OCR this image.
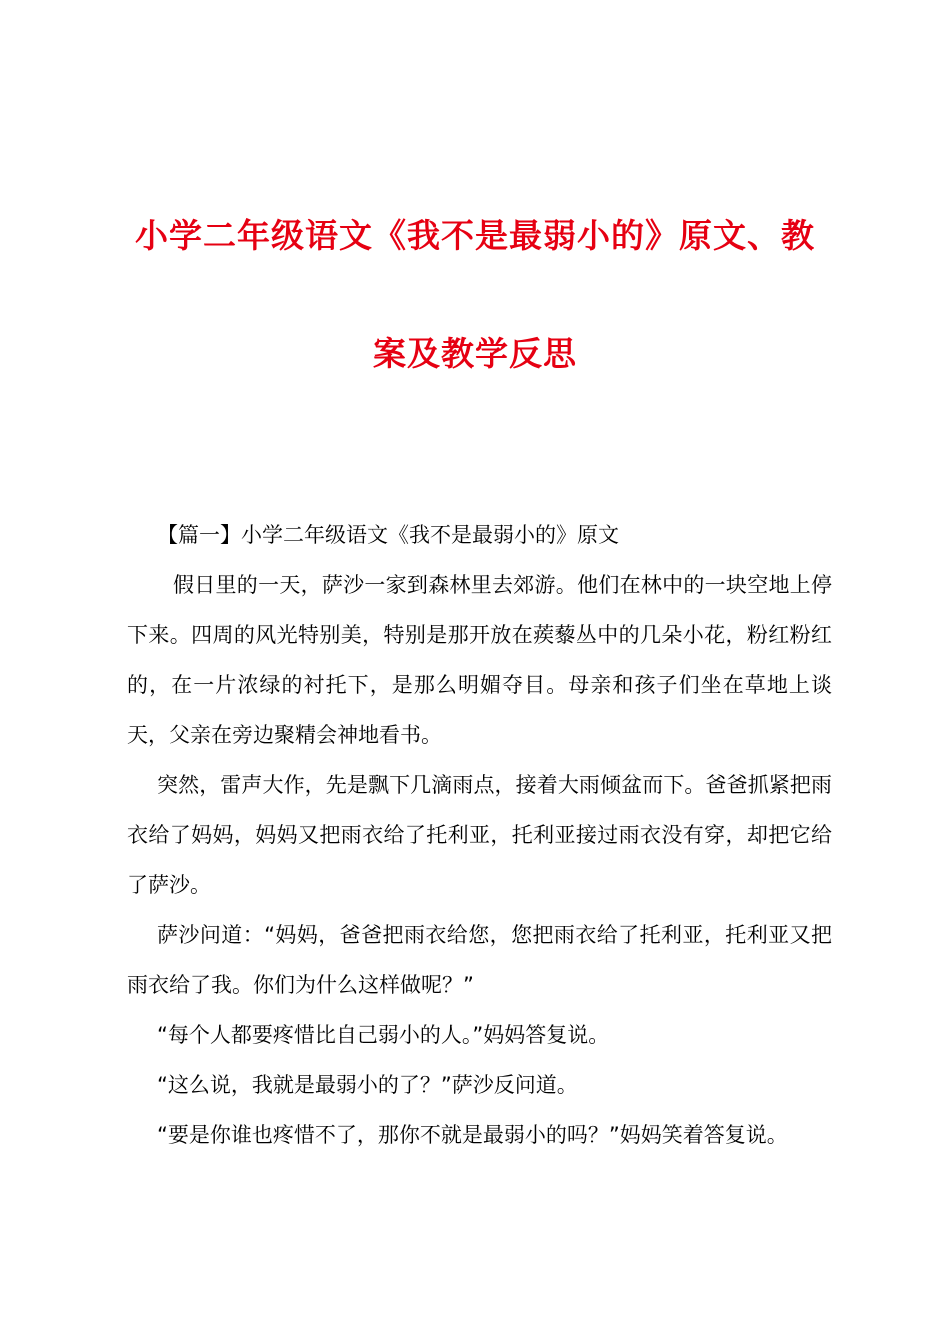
小学二年级语文《我不是最弱小的》原文、教
案及教学反思

【篇一】小学二年级语文《我不是最弱小的》原文

假日里的一天，萨沙一家到森林里去郊游。他们在林中的一块空地上停下来。四周的风光特别美，特别是那开放在蒺藜丛中的几朵小花，粉红粉红的，在一片浓绿的衬托下，是那么明媚夺目。母亲和孩子们坐在草地上谈天，父亲在旁边聚精会神地看书。

突然，雷声大作，先是飘下几滴雨点，接着大雨倾盆而下。爸爸抓紧把雨衣给了妈妈，妈妈又把雨衣给了托利亚，托利亚接过雨衣没有穿，却把它给了萨沙。

萨沙问道：“妈妈，爸爸把雨衣给您，您把雨衣给了托利亚，托利亚又把雨衣给了我。你们为什么这样做呢？”

“每个人都要疼惜比自己弱小的人。”妈妈答复说。

“这么说，我就是最弱小的了？”萨沙反问道。

“要是你谁也疼惜不了，那你不就是最弱小的吗？”妈妈笑着答复说。
